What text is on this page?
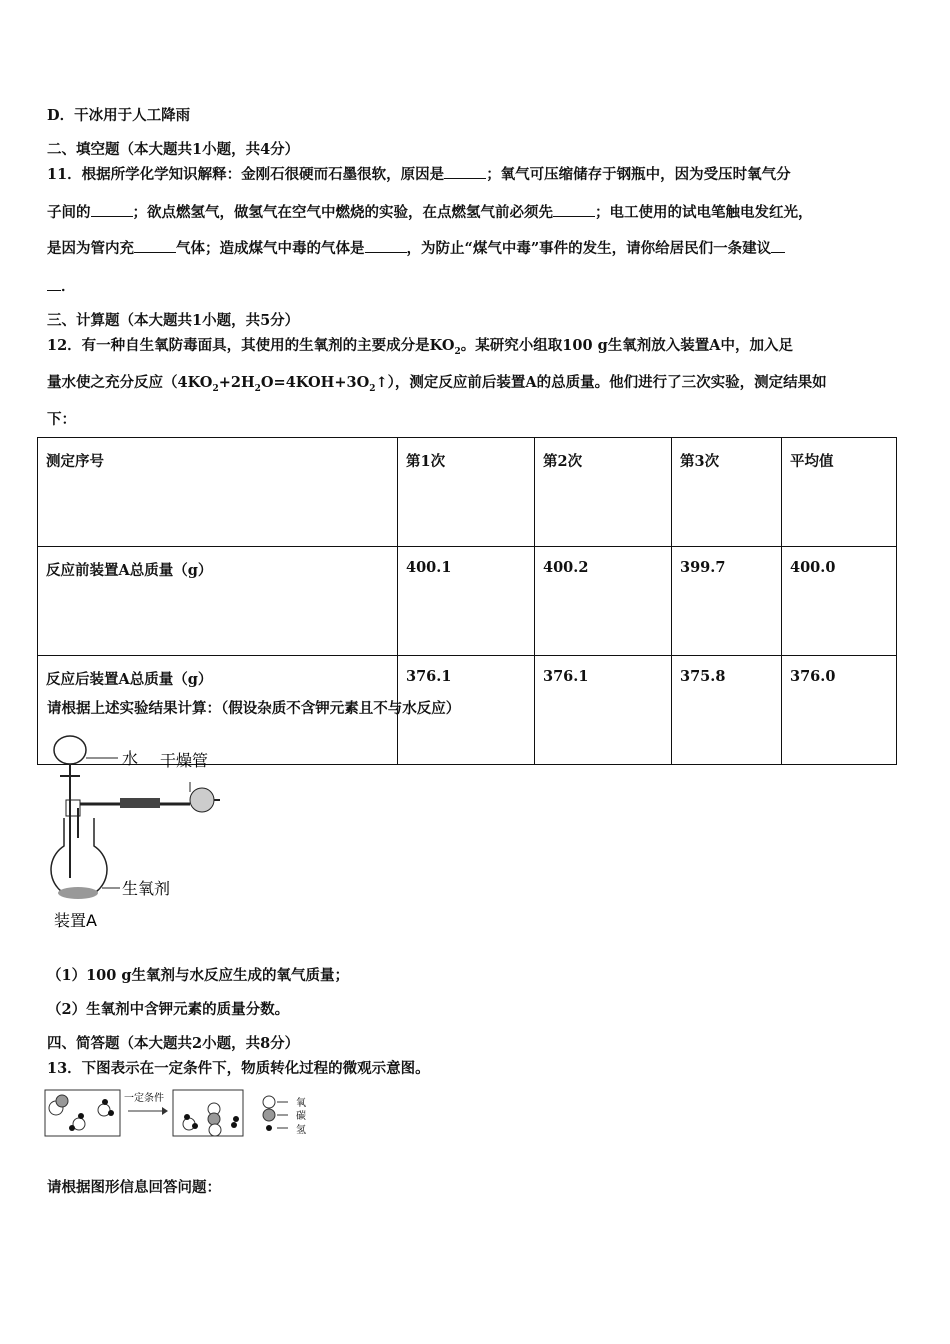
D．干冰用于人工降雨
二、填空题（本大题共1小题，共4分）
11．根据所学化学知识解释：金刚石很硬而石墨很软，原因是	；氧气可压缩储存于钢瓶中，因为受压时氧气分
子间的	；欲点燃氢气，做氢气在空气中燃烧的实验，在点燃氢气前必须先	；电工使用的试电笔触电发红光，
是因为管内充	气体；造成煤气中毒的气体是	，为防止“煤气中毒”事件的发生，请你给居民们一条建议
．
三、计算题（本大题共1小题，共5分）
12．有一种自生氧防毒面具，其使用的生氧剂的主要成分是$KO_2$。某研究小组取100 g生氧剂放入装置A中，加入足
量水使之充分反应$(4KO_2+2H_2O=4KOH+3O_2↑)$，测定反应前后装置A的总质量。他们进行了三次实验，测定结果如
下：
测定序号	第1次	第2次	第3次	平均值
反应前装置A总质量（g）	400.1	400.2	399.7	400.0
反应后装置A总质量（g）	376.1	376.1	375.8	376.0
请根据上述实验结果计算：（假设杂质不含钾元素且不与水反应）
水 干燥管
生氧剂
装置A
（1）100 g生氧剂与水反应生成的氧气质量；
（2）生氧剂中含钾元素的质量分数。
四、简答题（本大题共2小题，共8分）
13．下图表示在一定条件下，物质转化过程的微观示意图。
一定条件	氧
碳
氢
请根据图形信息回答问题：
